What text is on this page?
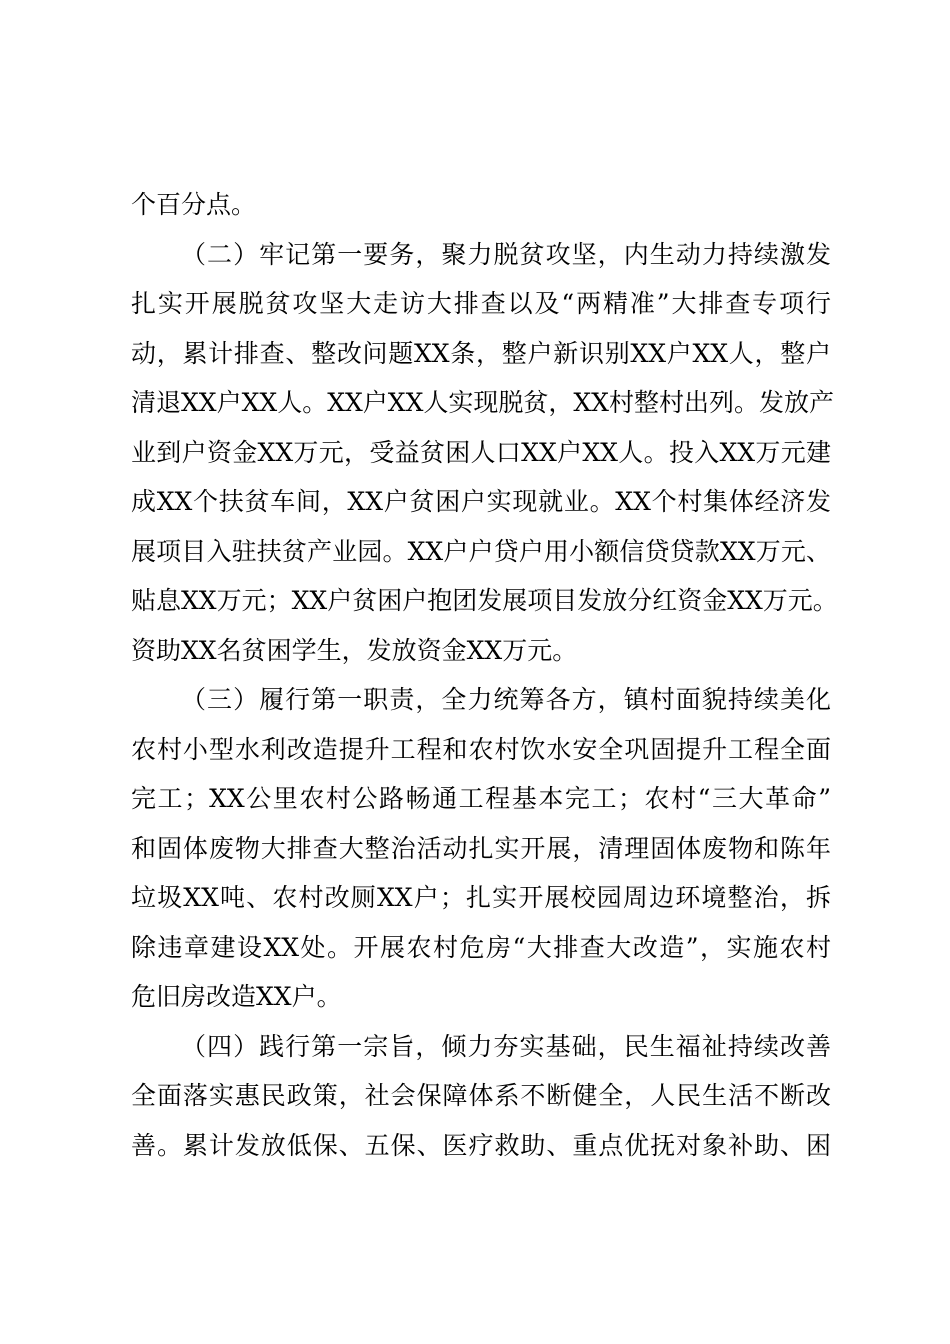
个百分点。
（二）牢记第一要务，聚力脱贫攻坚，内生动力持续激发
扎实开展脱贫攻坚大走访大排查以及“两精准”大排查专项行
动，累计排查、整改问题XX条，整户新识别XX户XX人，整户
清退XX户XX人。XX户XX人实现脱贫，XX村整村出列。发放产
业到户资金XX万元，受益贫困人口XX户XX人。投入XX万元建
成XX个扶贫车间，XX户贫困户实现就业。XX个村集体经济发
展项目入驻扶贫产业园。XX户户贷户用小额信贷贷款XX万元、
贴息XX万元；XX户贫困户抱团发展项目发放分红资金XX万元。
资助XX名贫困学生，发放资金XX万元。
（三）履行第一职责，全力统筹各方，镇村面貌持续美化
农村小型水利改造提升工程和农村饮水安全巩固提升工程全面
完工；XX公里农村公路畅通工程基本完工；农村“三大革命”
和固体废物大排查大整治活动扎实开展，清理固体废物和陈年
垃圾XX吨、农村改厕XX户；扎实开展校园周边环境整治，拆
除违章建设XX处。开展农村危房“大排查大改造”，实施农村
危旧房改造XX户。
（四）践行第一宗旨，倾力夯实基础，民生福祉持续改善
全面落实惠民政策，社会保障体系不断健全，人民生活不断改
善。累计发放低保、五保、医疗救助、重点优抚对象补助、困
